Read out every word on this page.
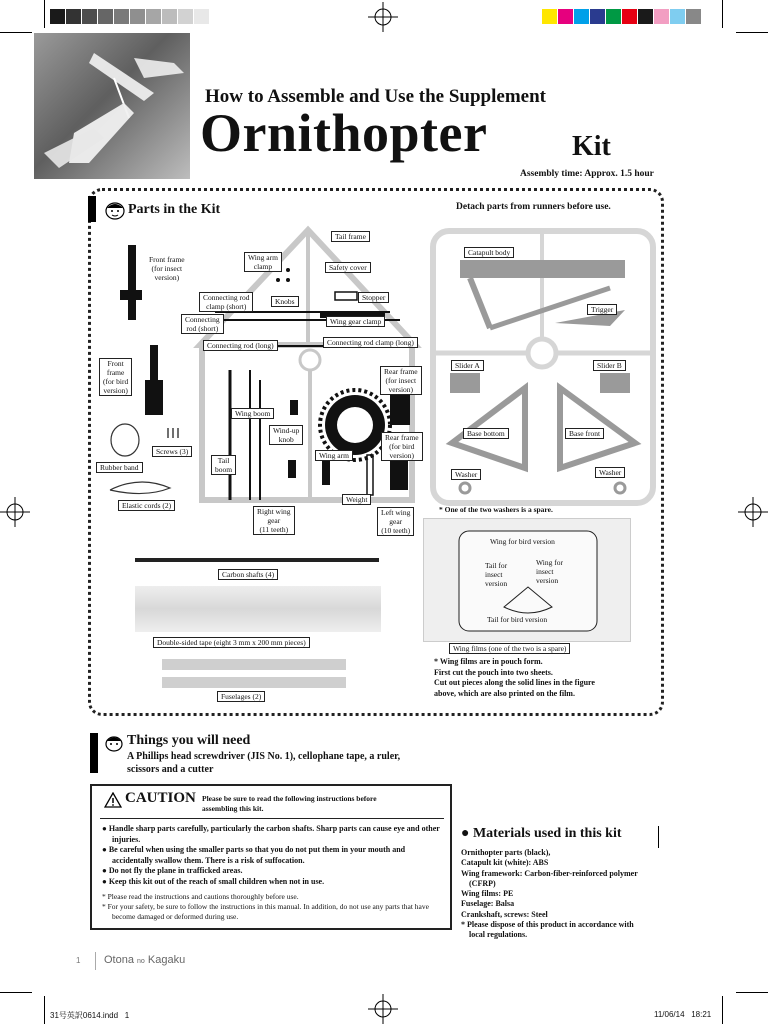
How to Assemble and Use the Supplement
Ornithopter	Kit
Assembly time: Approx. 1.5 hour
Parts in the Kit	Detach parts from runners before use.
Tail frame
Front frame
(for insect
version)
Wing arm
clamp	Safety cover
Connecting rod
clamp (short)
Knobs	Stopper
Connecting
rod (short)
Wing gear clamp
Connecting rod (long)	Connecting rod clamp (long)
Front
frame
(for bird
version)
Rear frame
(for insect
version)
Wing boom
Wind-up
knob	Rear frame
(for bird
version)
Screws (3)
Tail
boom
Wing arm
Rubber band
Weight
Elastic cords (2)
Right wing
gear
(11 teeth)
Left wing
gear
(10 teeth)
Catapult body
Trigger
Slider A	Slider B
Base bottom	Base front
Washer	Washer
* One of the two washers is a spare.
Carbon shafts (4)
Double-sided tape (eight 3 mm x 200 mm pieces)
Fuselages (2)
Wing for bird version
Tail for
insect
version
Wing for
insect
version
Tail for bird version
Wing films (one of the two is a spare)
* Wing films are in pouch form.
First cut the pouch into two sheets.
Cut out pieces along the solid lines in the figure
above, which are also printed on the film.
Things you will need
A Phillips head screwdriver (JIS No. 1), cellophane tape, a ruler,
scissors and a cutter
CAUTION Please be sure to read the following instructions before
assembling this kit.
● Handle sharp parts carefully, particularly the carbon shafts. Sharp parts can cause eye and other injuries.
● Be careful when using the smaller parts so that you do not put them in your mouth and accidentally swallow them. There is a risk of suffocation.
● Do not fly the plane in trafficked areas.
● Keep this kit out of the reach of small children when not in use.
* Please read the instructions and cautions thoroughly before use.
* For your safety, be sure to follow the instructions in this manual. In addition, do not use any parts that have become damaged or deformed during use.
● Materials used in this kit
Ornithopter parts (black),
Catapult kit (white): ABS
Wing framework: Carbon-fiber-reinforced polymer
(CFRP)
Wing films: PE
Fuselage: Balsa
Crankshaft, screws: Steel
* Please dispose of this product in accordance with
local regulations.
1 Otona no Kagaku
31号英訳0614.indd   1	11/06/14   18:21
